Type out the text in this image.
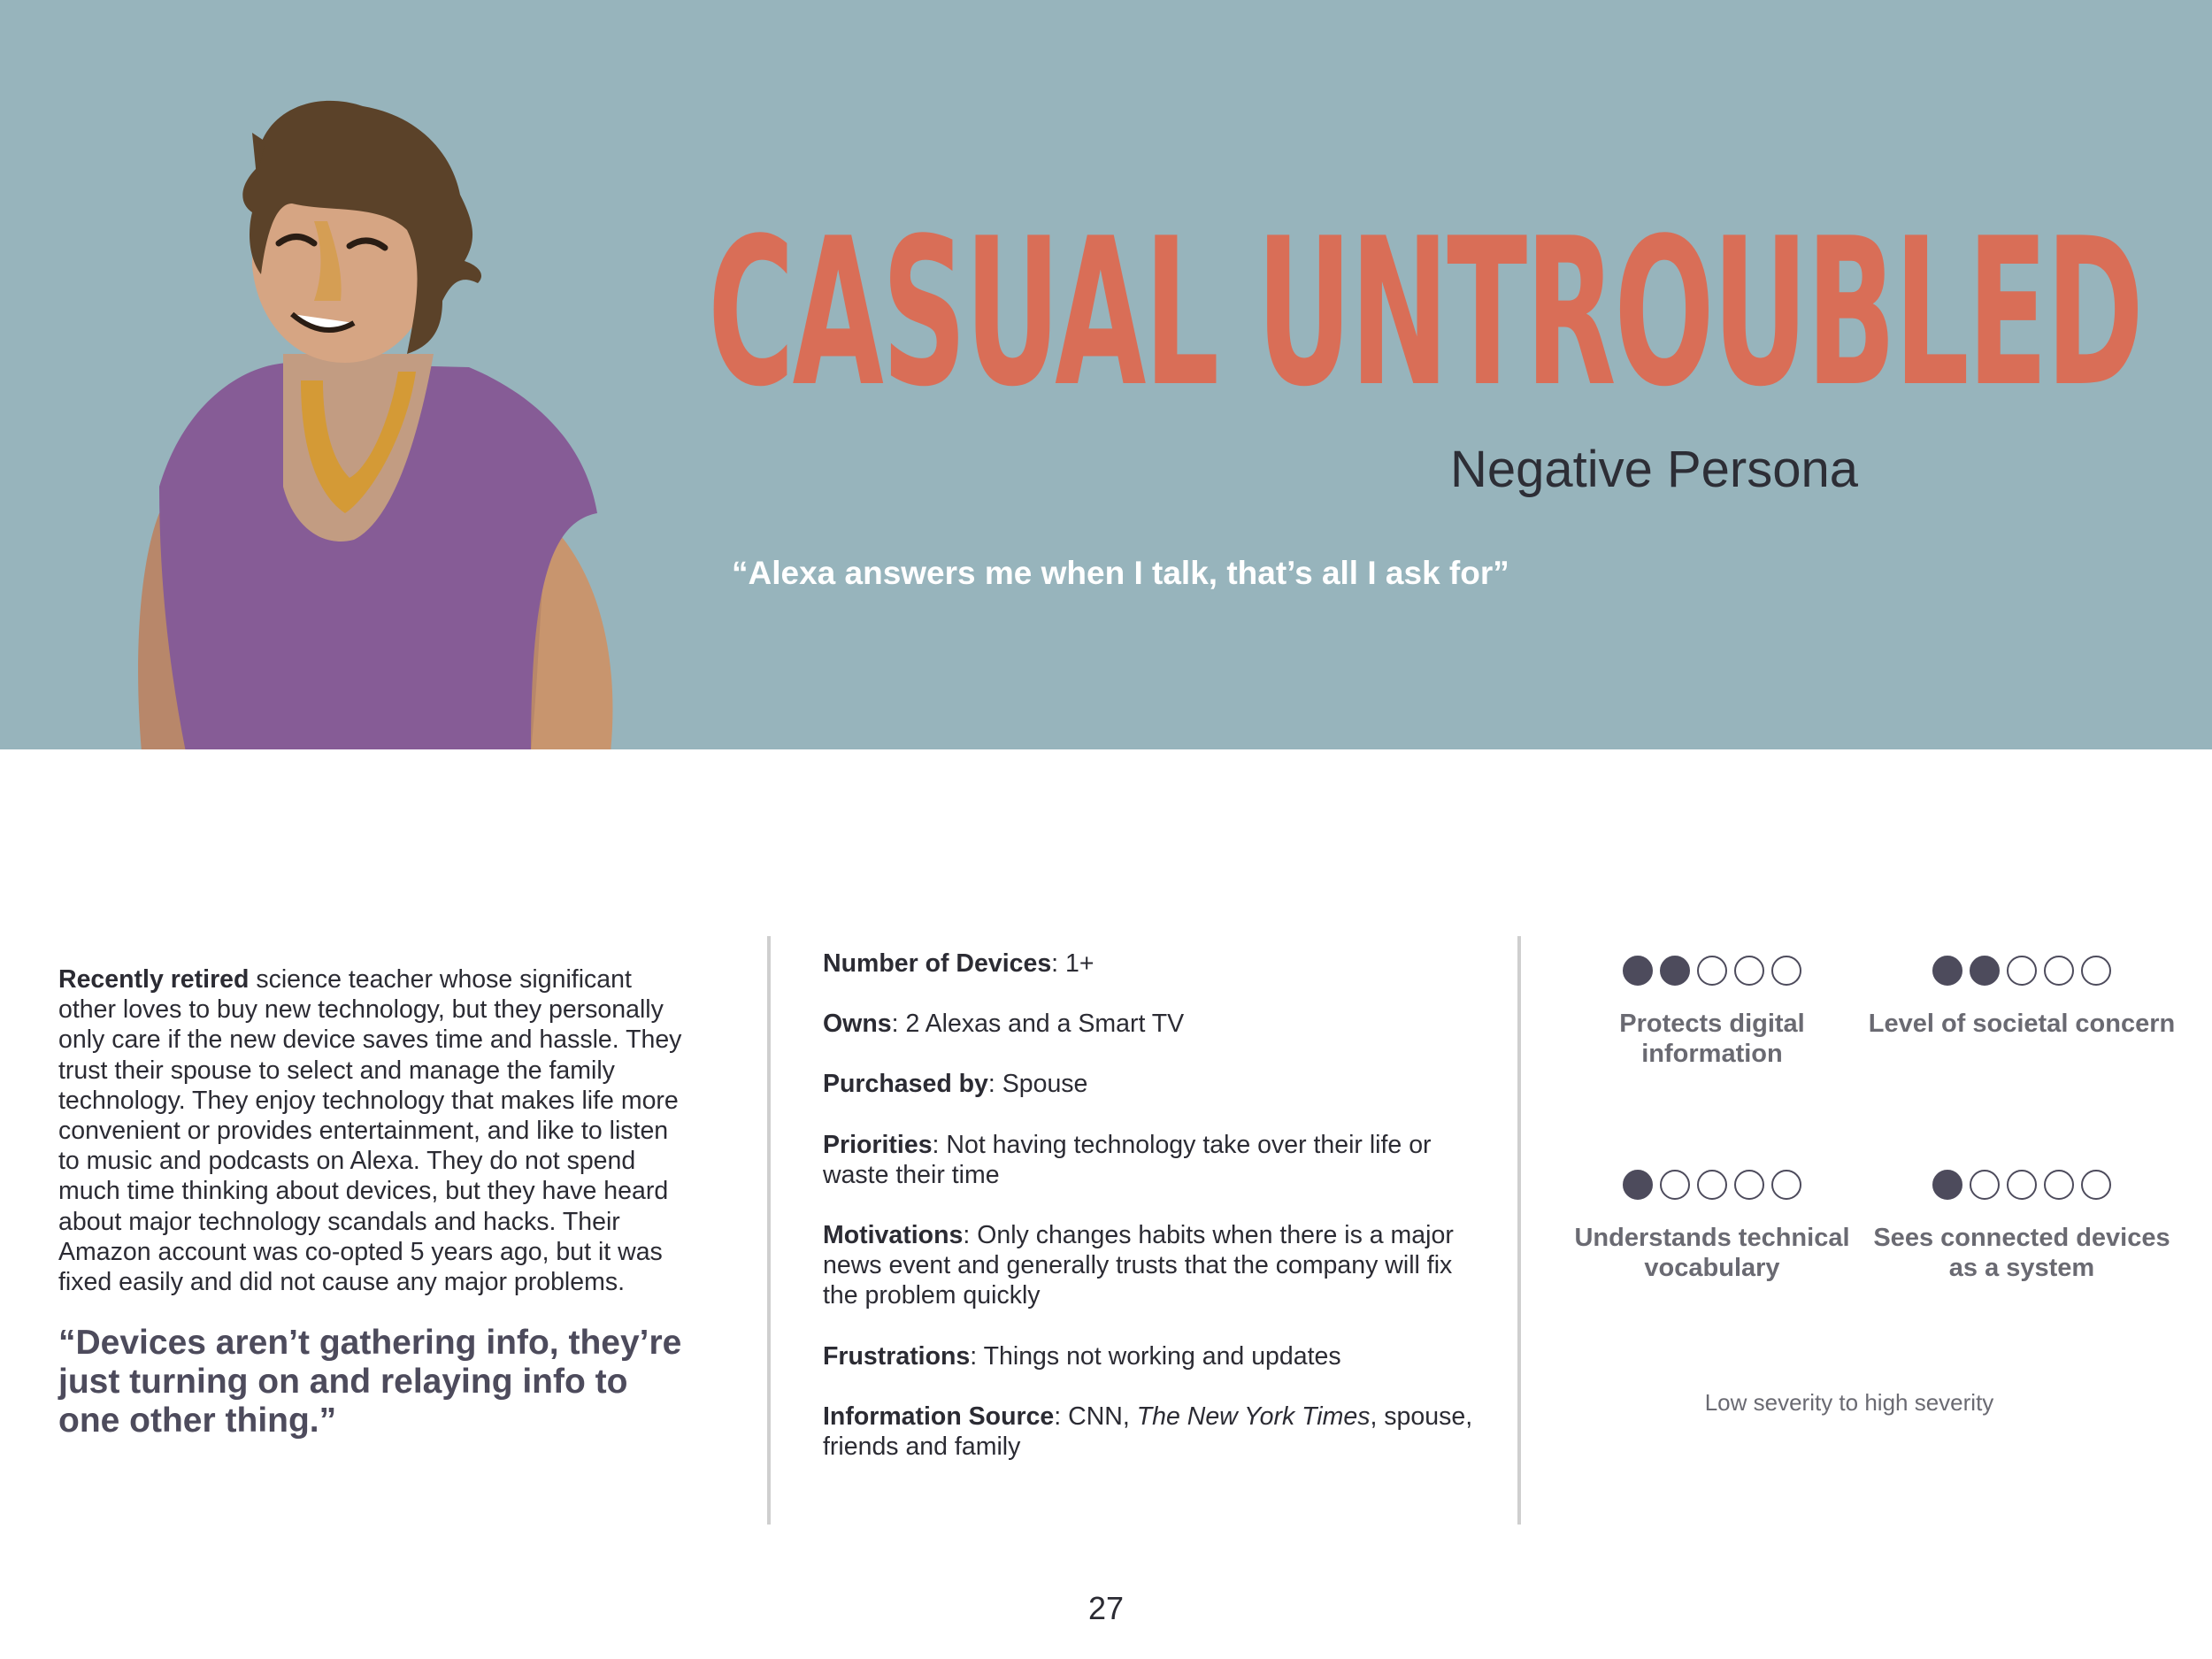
CASUAL UNTROUBLED
Negative Persona

“Alexa answers me when I talk, that’s all I ask for”

Recently retired science teacher whose significant other loves to buy new technology, but they personally only care if the new device saves time and hassle. They trust their spouse to select and manage the family technology. They enjoy technology that makes life more convenient or provides entertainment, and like to listen to music and podcasts on Alexa. They do not spend much time thinking about devices, but they have heard about major technology scandals and hacks. Their Amazon account was co-opted 5 years ago, but it was fixed easily and did not cause any major problems.

“Devices aren’t gathering info, they’re just turning on and relaying info to one other thing.”

Number of Devices: 1+

Owns: 2 Alexas and a Smart TV

Purchased by: Spouse

Priorities: Not having technology take over their life or waste their time

Motivations: Only changes habits when there is a major news event and generally trusts that the company will fix the problem quickly

Frustrations: Things not working and updates

Information Source: CNN, The New York Times, spouse, friends and family

Protects digital information
Level of societal concern
Understands technical vocabulary
Sees connected devices as a system
Low severity to high severity
27
